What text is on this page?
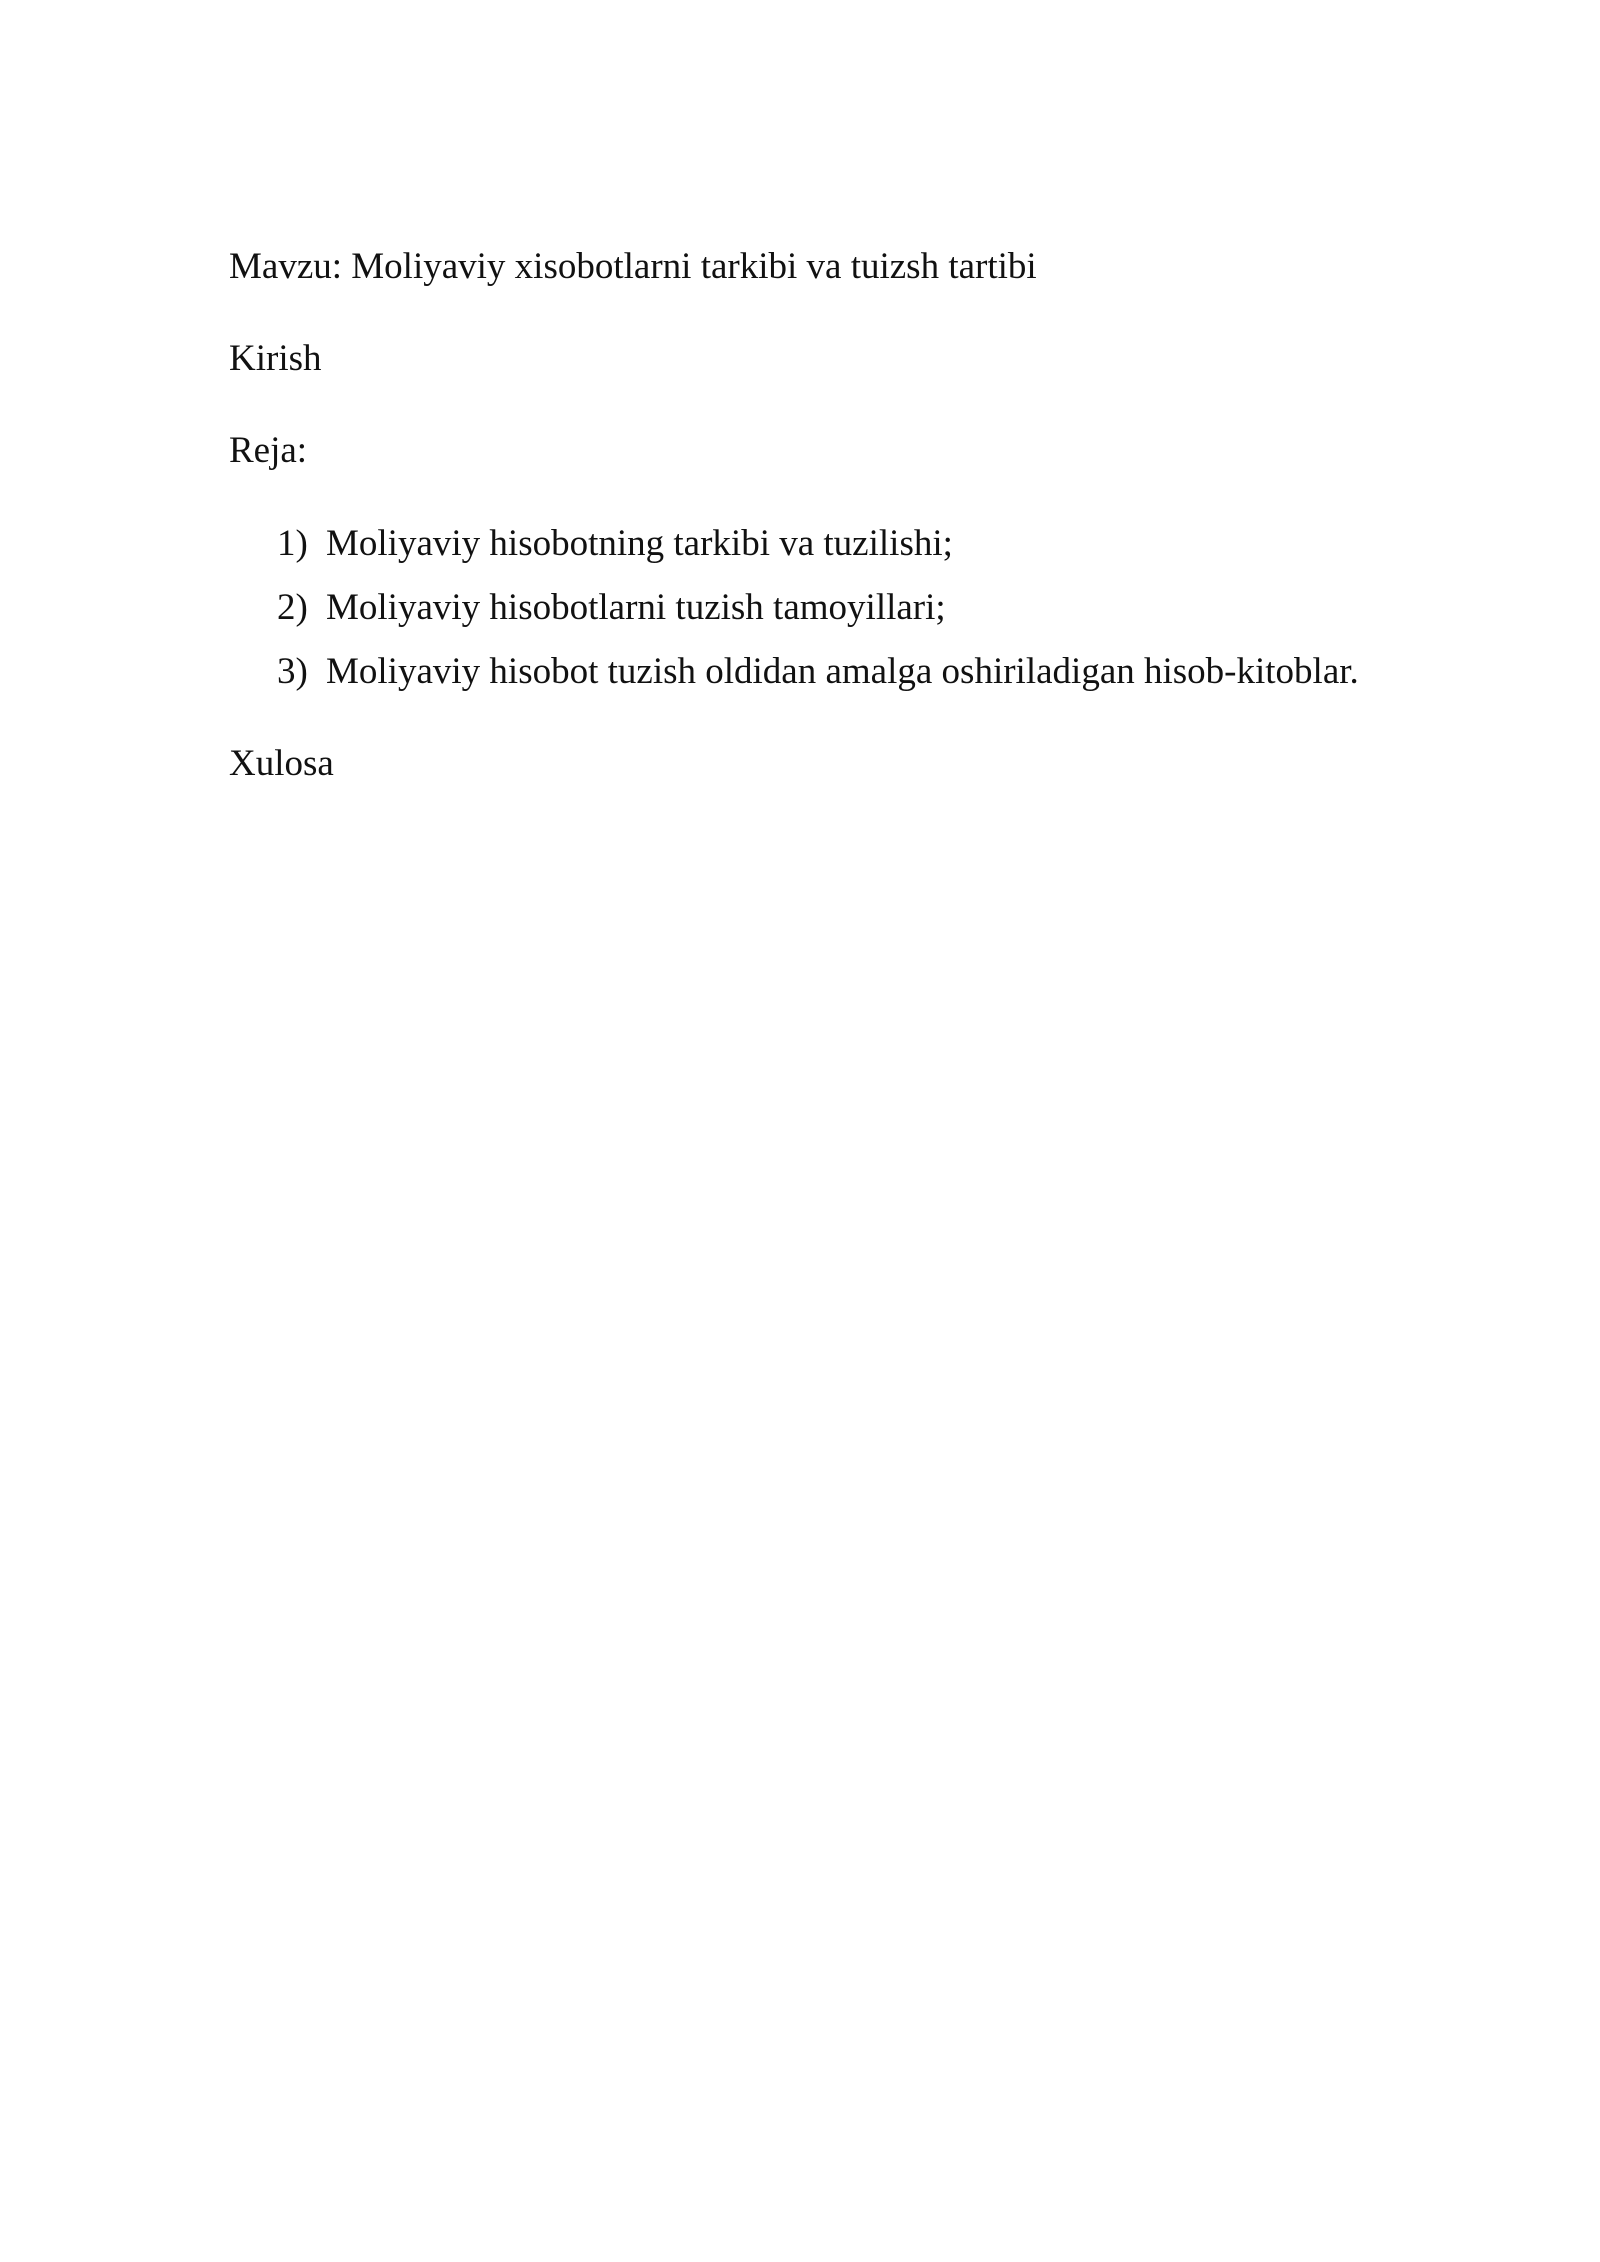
Mavzu: Moliyaviy xisobotlarni tarkibi va tuizsh tartibi
Kirish
Reja:
1) Moliyaviy hisobotning tarkibi va tuzilishi;
2) Moliyaviy hisobotlarni tuzish tamoyillari;
3) Moliyaviy hisobot tuzish oldidan amalga oshiriladigan hisob-kitoblar.
Xulosa
